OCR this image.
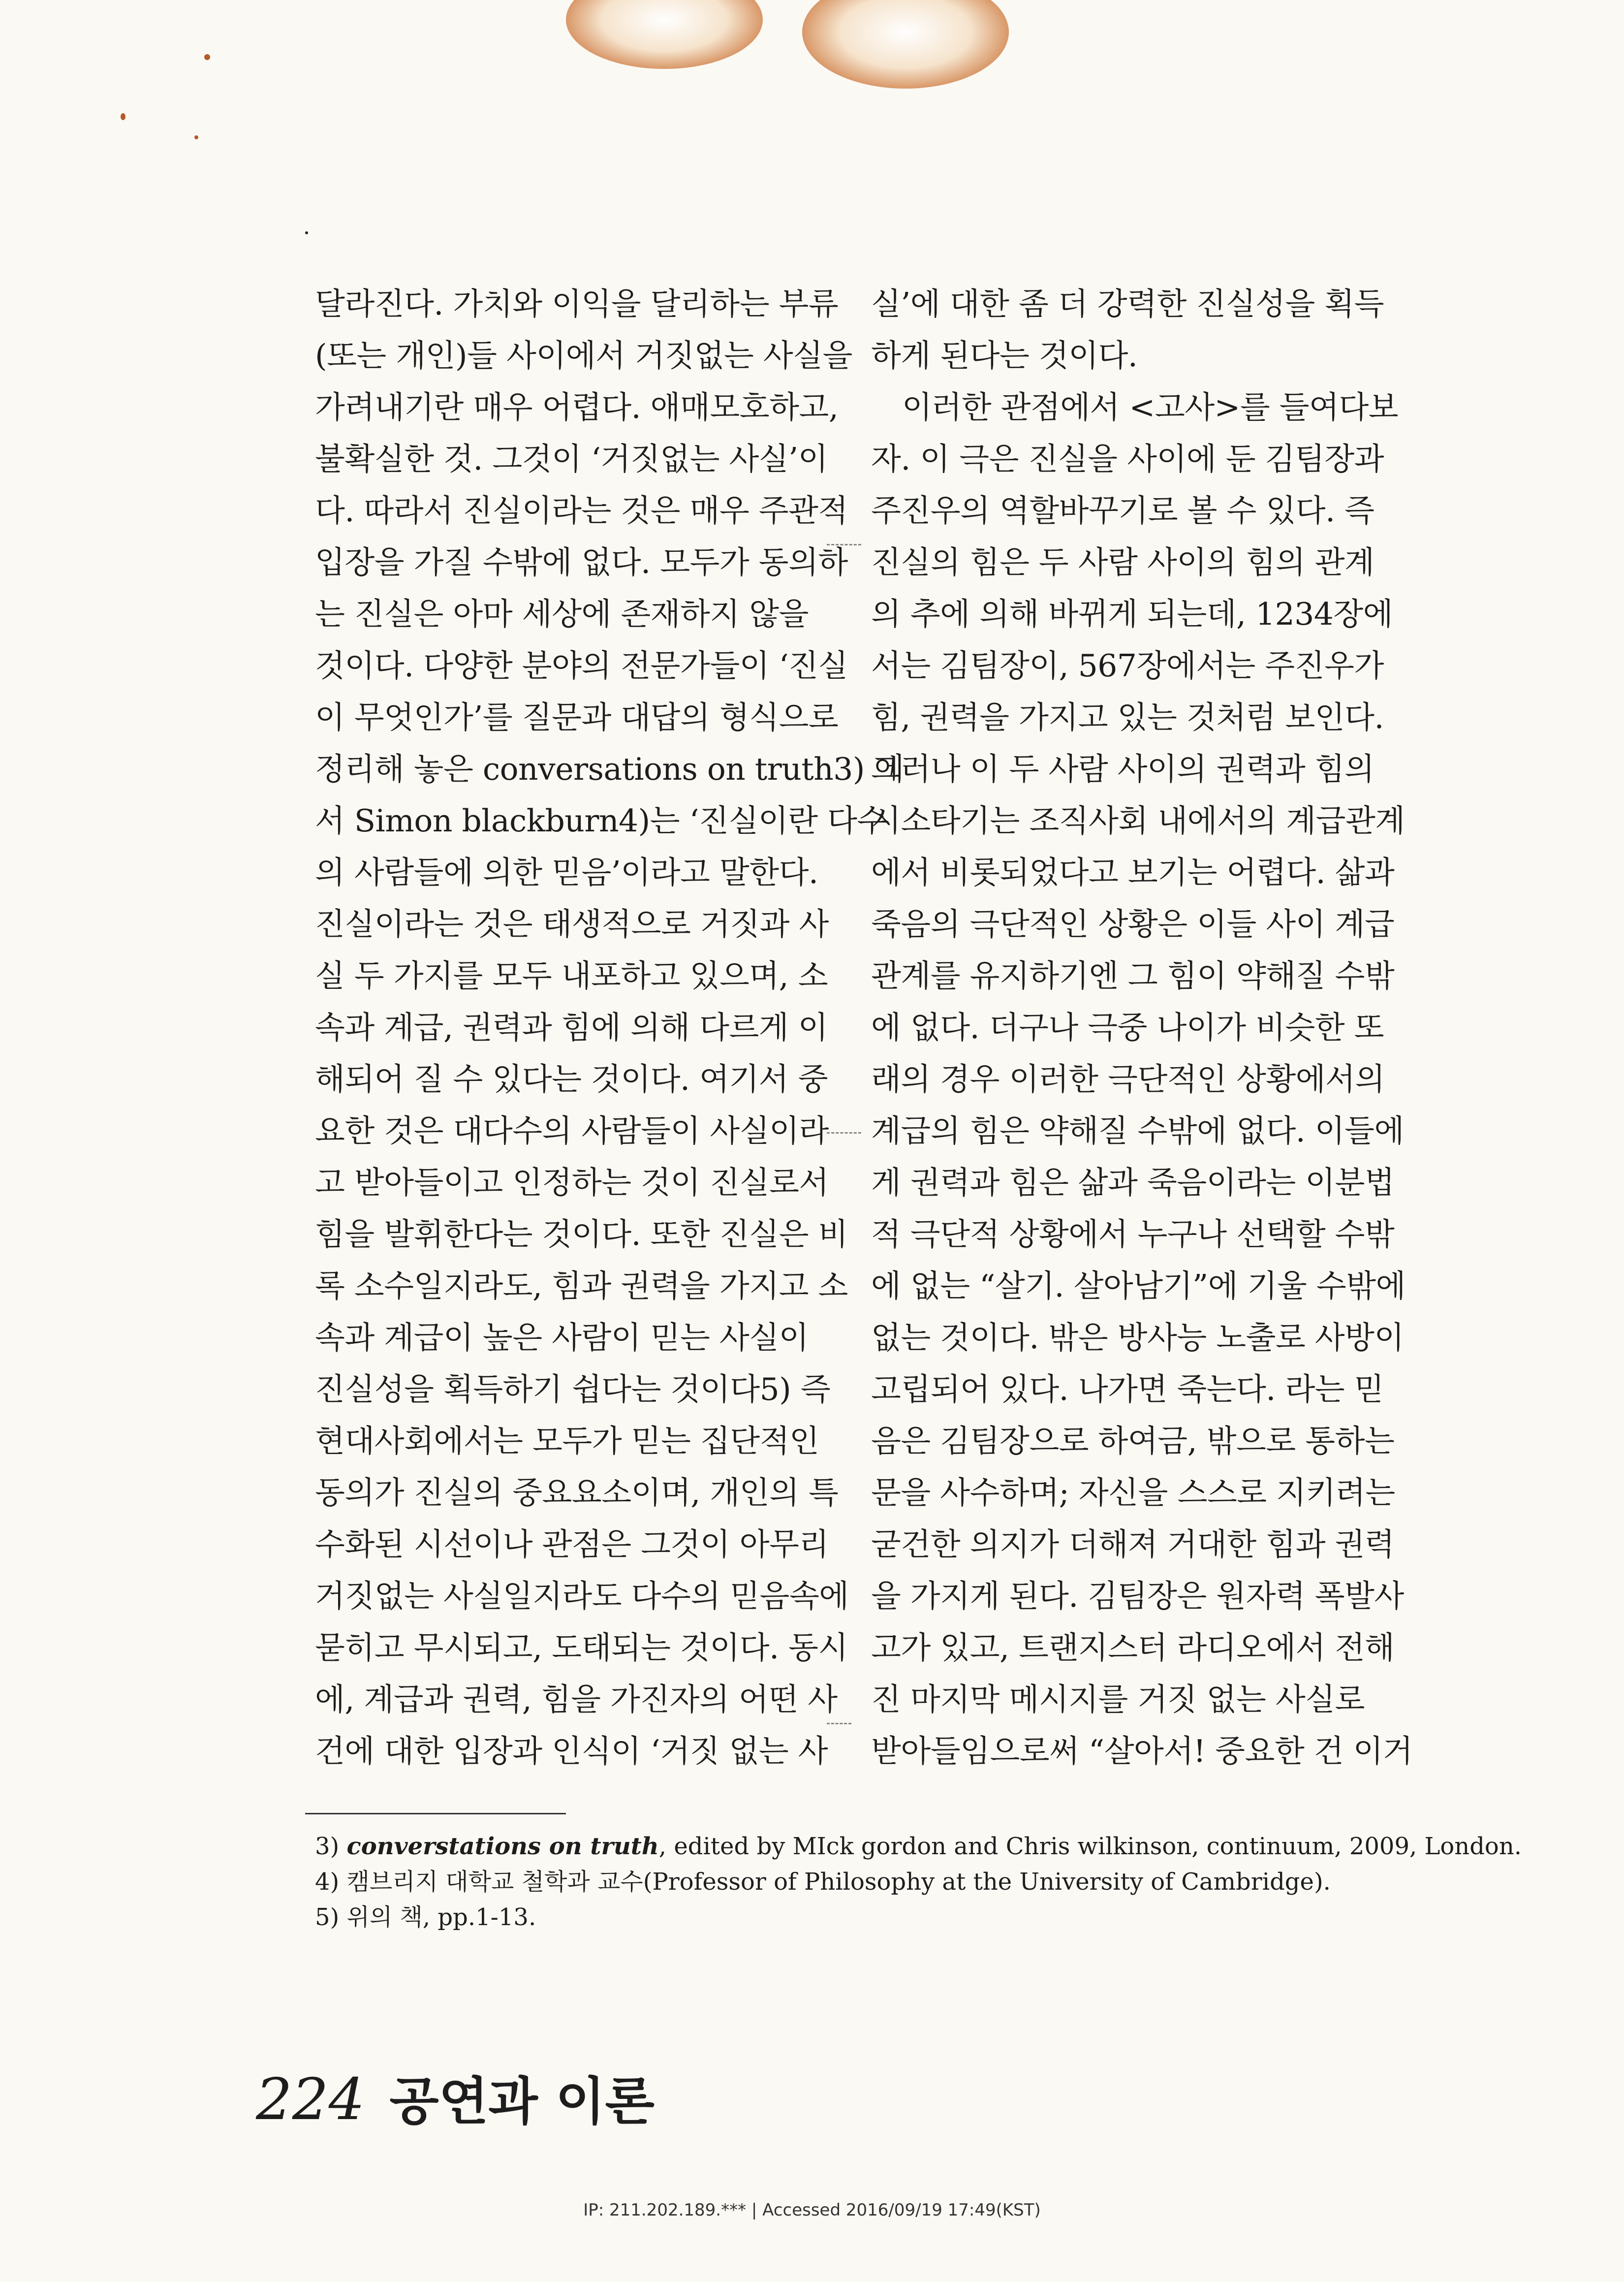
달라진다. 가치와 이익을 달리하는 부류

(또는 개인)들 사이에서 거짓없는 사실을

가려내기란 매우 어렵다. 애매모호하고,

불확실한 것. 그것이 ‘거짓없는 사실’이

다. 따라서 진실이라는 것은 매우 주관적

입장을 가질 수밖에 없다. 모두가 동의하

는 진실은 아마 세상에 존재하지 않을

것이다. 다양한 분야의 전문가들이 ‘진실

이 무엇인가’를 질문과 대답의 형식으로

정리해 놓은 conversations on truth3) 에

서 Simon blackburn4)는 ‘진실이란 다수

의 사람들에 의한 믿음’이라고 말한다.

진실이라는 것은 태생적으로 거짓과 사

실 두 가지를 모두 내포하고 있으며, 소

속과 계급, 권력과 힘에 의해 다르게 이

해되어 질 수 있다는 것이다. 여기서 중

요한 것은 대다수의 사람들이 사실이라

고 받아들이고 인정하는 것이 진실로서

힘을 발휘한다는 것이다. 또한 진실은 비

록 소수일지라도, 힘과 권력을 가지고 소

속과 계급이 높은 사람이 믿는 사실이

진실성을 획득하기 쉽다는 것이다5) 즉

현대사회에서는 모두가 믿는 집단적인

동의가 진실의 중요요소이며, 개인의 특

수화된 시선이나 관점은 그것이 아무리

거짓없는 사실일지라도 다수의 믿음속에

묻히고 무시되고, 도태되는 것이다. 동시

에, 계급과 권력, 힘을 가진자의 어떤 사

건에 대한 입장과 인식이 ‘거짓 없는 사

실’에 대한 좀 더 강력한 진실성을 획득

하게 된다는 것이다.

이러한 관점에서 <고사>를 들여다보

자. 이 극은 진실을 사이에 둔 김팀장과

주진우의 역할바꾸기로 볼 수 있다. 즉

진실의 힘은 두 사람 사이의 힘의 관계

의 추에 의해 바뀌게 되는데, 1234장에

서는 김팀장이, 567장에서는 주진우가

힘, 권력을 가지고 있는 것처럼 보인다.

그러나 이 두 사람 사이의 권력과 힘의

시소타기는 조직사회 내에서의 계급관계

에서 비롯되었다고 보기는 어렵다. 삶과

죽음의 극단적인 상황은 이들 사이 계급

관계를 유지하기엔 그 힘이 약해질 수밖

에 없다. 더구나 극중 나이가 비슷한 또

래의 경우 이러한 극단적인 상황에서의

계급의 힘은 약해질 수밖에 없다. 이들에

게 권력과 힘은 삶과 죽음이라는 이분법

적 극단적 상황에서 누구나 선택할 수밖

에 없는 “살기. 살아남기”에 기울 수밖에

없는 것이다. 밖은 방사능 노출로 사방이

고립되어 있다. 나가면 죽는다. 라는 믿

음은 김팀장으로 하여금, 밖으로 통하는

문을 사수하며; 자신을 스스로 지키려는

굳건한 의지가 더해져 거대한 힘과 권력

을 가지게 된다. 김팀장은 원자력 폭발사

고가 있고, 트랜지스터 라디오에서 전해

진 마지막 메시지를 거짓 없는 사실로

받아들임으로써 “살아서! 중요한 건 이거

3) converstations on truth, edited by MIck gordon and Chris wilkinson, continuum, 2009, London.
4) 캠브리지 대학교 철학과 교수(Professor of Philosophy at the University of Cambridge).
5) 위의 책, pp.1-13.
224 공연과 이론
IP: 211.202.189.*** | Accessed 2016/09/19 17:49(KST)
